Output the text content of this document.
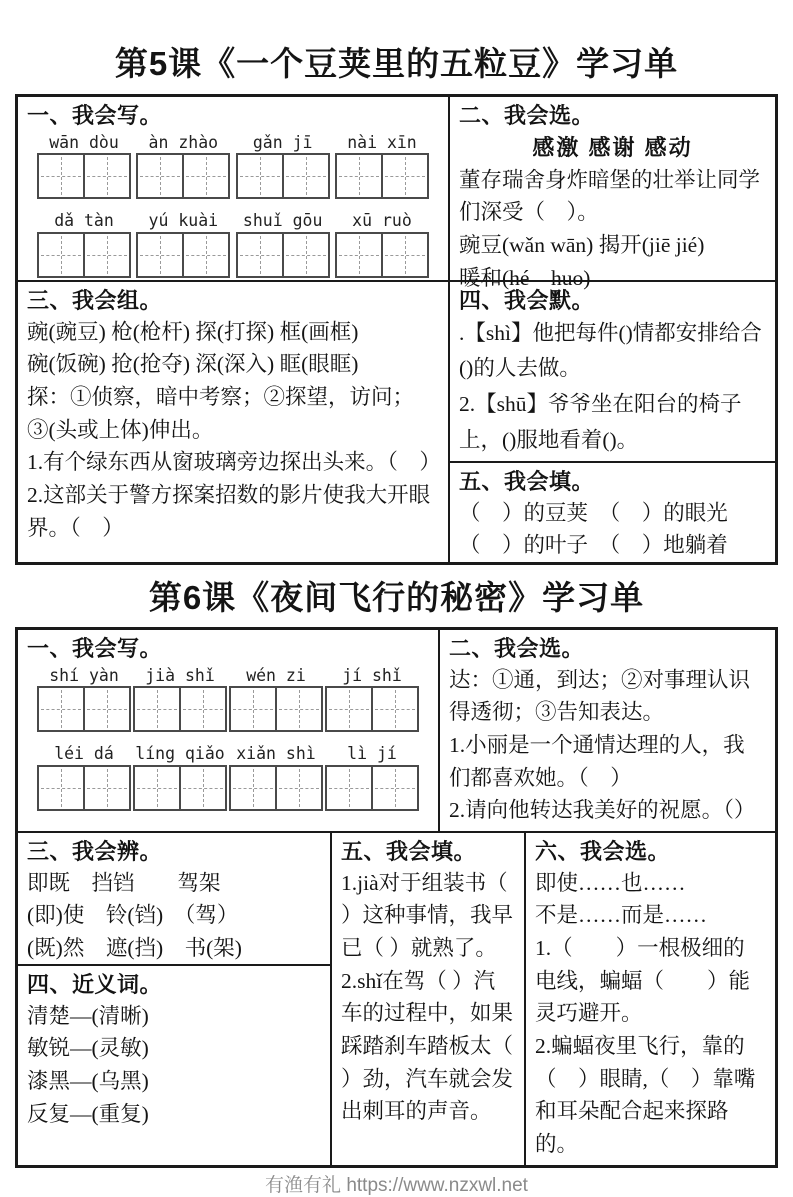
第5课《一个豆荚里的五粒豆》学习单
一、我会写。
wān dòu àn zhào gǎn jī nài xīn
dǎ tàn yú kuài shuǐ gōu xū ruò
二、我会选。
感激 感谢 感动
董存瑞舍身炸暗堡的壮举让同学们深受（　）。
豌豆(wǎn wān) 揭开(jiē jié)
暖和(hé　huo)
三、我会组。
豌(豌豆) 枪(枪杆) 探(打探) 框(画框)
碗(饭碗) 抢(抢夺) 深(深入) 眶(眼眶)
探：①侦察，暗中考察；②探望，访问；③(头或上体)伸出。
1.有个绿东西从窗玻璃旁边探出头来。（　）
2.这部关于警方探案招数的影片使我大开眼界。（　）
四、我会默。
.【shì】他把每件()情都安排给合()的人去做。
2.【shū】爷爷坐在阳台的椅子上，()服地看着()。
五、我会填。
（　）的豆荚　（　）的眼光
（　）的叶子　（　）地躺着
第6课《夜间飞行的秘密》学习单
一、我会写。
shí yàn jià shǐ wén zi jí shǐ
léi dá líng qiǎo xiǎn shì lì jí
二、我会选。
达：①通，到达；②对事理认识得透彻；③告知表达。
1.小丽是一个通情达理的人，我们都喜欢她。（　）
2.请向他转达我美好的祝愿。（）
三、我会辨。
即既　挡铛　　驾架
(即)使　铃(铛)　（驾）
(既)然　遮(挡)　书(架)
四、近义词。
清楚—(清晰)
敏锐—(灵敏)
漆黑—(乌黑)
反复—(重复)
五、我会填。
1.jià对于组装书（ ）这种事情，我早已（ ）就熟了。
2.shǐ在驾（ ）汽车的过程中，如果踩踏刹车踏板太（ ）劲，汽车就会发出刺耳的声音。
六、我会选。
即使……也……
不是……而是……
1.（　　）一根极细的电线，蝙蝠（　　）能灵巧避开。
2.蝙蝠夜里飞行，靠的（　）眼睛,（　）靠嘴和耳朵配合起来探路的。
有渔有礼 https://www.nzxwl.net
